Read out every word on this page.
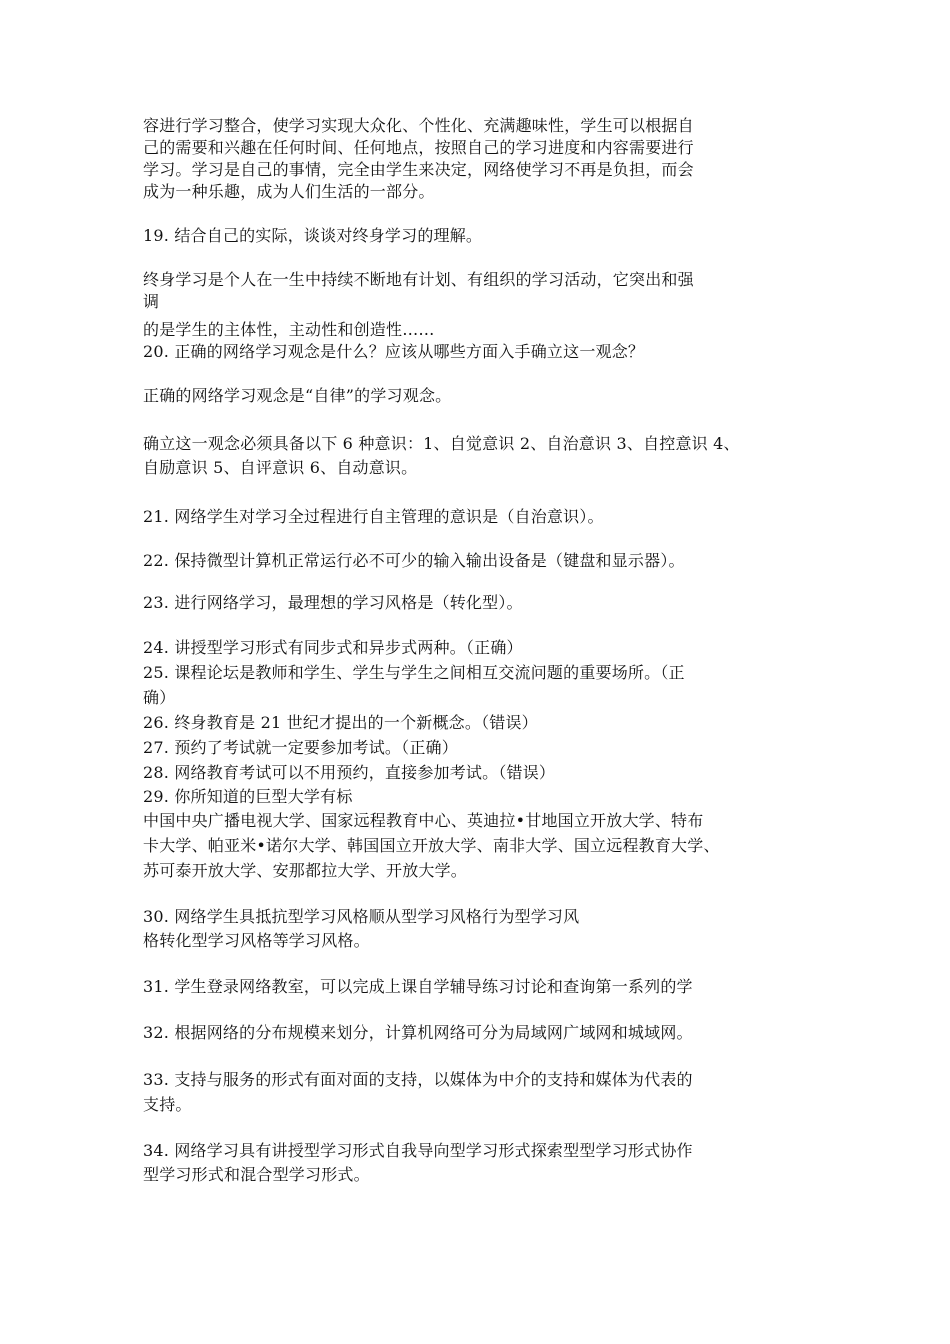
容进行学习整合，使学习实现大众化、个性化、充满趣味性，学生可以根据自
己的需要和兴趣在任何时间、任何地点，按照自己的学习进度和内容需要进行
学习。学习是自己的事情，完全由学生来决定，网络使学习不再是负担，而会
成为一种乐趣，成为人们生活的一部分。
19. 结合自己的实际，谈谈对终身学习的理解。
终身学习是个人在一生中持续不断地有计划、有组织的学习活动，它突出和强
调
的是学生的主体性，主动性和创造性……
20. 正确的网络学习观念是什么？应该从哪些方面入手确立这一观念？
正确的网络学习观念是“自律”的学习观念。
确立这一观念必须具备以下 6 种意识：1、自觉意识 2、自治意识 3、自控意识 4、
自励意识 5、自评意识 6、自动意识。
21. 网络学生对学习全过程进行自主管理的意识是（自治意识）。
22. 保持微型计算机正常运行必不可少的输入输出设备是（键盘和显示器）。
23. 进行网络学习，最理想的学习风格是（转化型）。
24. 讲授型学习形式有同步式和异步式两种。（正确）
25. 课程论坛是教师和学生、学生与学生之间相互交流问题的重要场所。（正
确）
26. 终身教育是 21 世纪才提出的一个新概念。（错误）
27. 预约了考试就一定要参加考试。（正确）
28. 网络教育考试可以不用预约，直接参加考试。（错误）
29. 你所知道的巨型大学有标
中国中央广播电视大学、国家远程教育中心、英迪拉•甘地国立开放大学、特布
卡大学、帕亚米•诺尔大学、韩国国立开放大学、南非大学、国立远程教育大学、
苏可泰开放大学、安那都拉大学、开放大学。
30. 网络学生具抵抗型学习风格顺从型学习风格行为型学习风
格转化型学习风格等学习风格。
31. 学生登录网络教室，可以完成上课自学辅导练习讨论和查询第一系列的学
32. 根据网络的分布规模来划分，计算机网络可分为局域网广域网和城域网。
33. 支持与服务的形式有面对面的支持，以媒体为中介的支持和媒体为代表的
支持。
34. 网络学习具有讲授型学习形式自我导向型学习形式探索型型学习形式协作
型学习形式和混合型学习形式。
